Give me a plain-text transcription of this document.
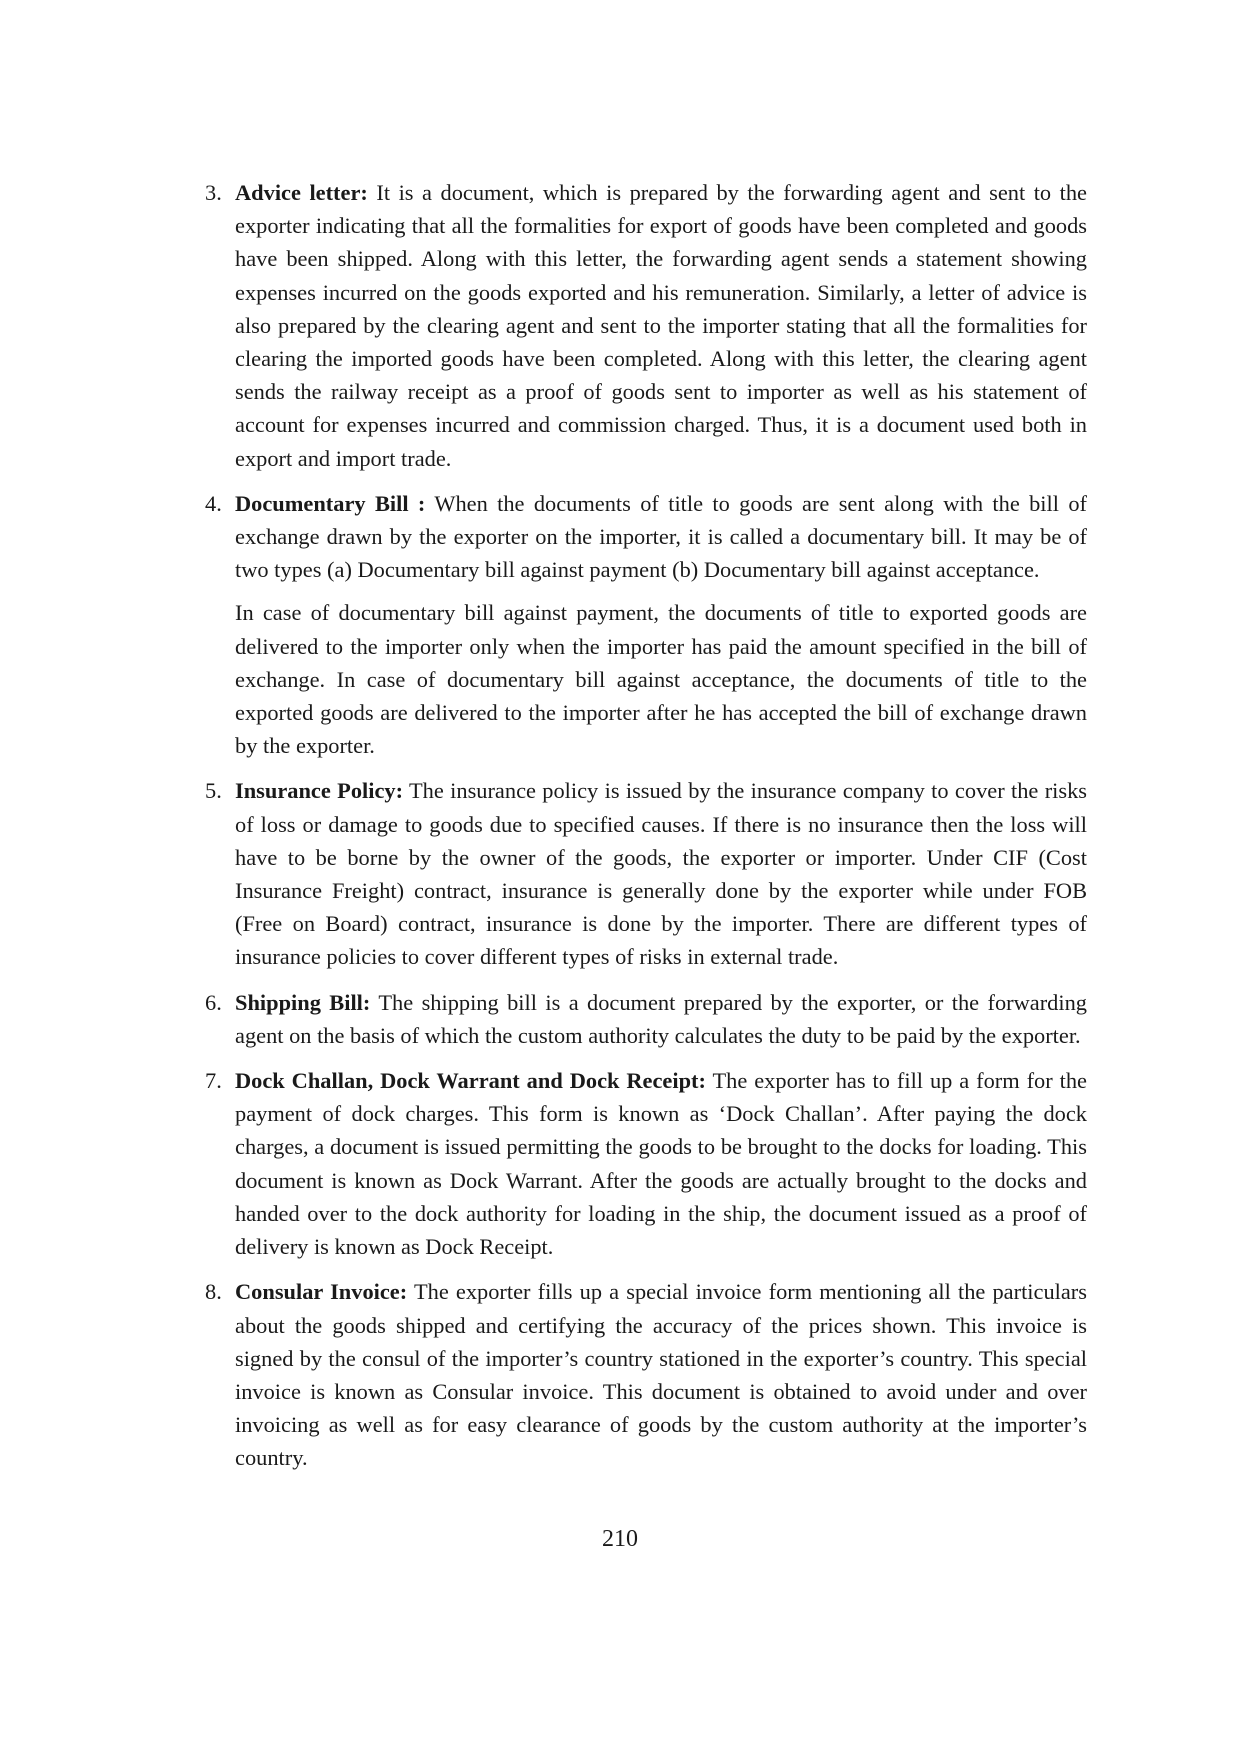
3. Advice letter: It is a document, which is prepared by the forwarding agent and sent to the exporter indicating that all the formalities for export of goods have been completed and goods have been shipped. Along with this letter, the forwarding agent sends a statement showing expenses incurred on the goods exported and his remuneration. Similarly, a letter of advice is also prepared by the clearing agent and sent to the importer stating that all the formalities for clearing the imported goods have been completed. Along with this letter, the clearing agent sends the railway receipt as a proof of goods sent to importer as well as his statement of account for expenses incurred and commission charged. Thus, it is a document used both in export and import trade.

4. Documentary Bill : When the documents of title to goods are sent along with the bill of exchange drawn by the exporter on the importer, it is called a documentary bill. It may be of two types (a) Documentary bill against payment (b) Documentary bill against acceptance.

In case of documentary bill against payment, the documents of title to exported goods are delivered to the importer only when the importer has paid the amount specified in the bill of exchange. In case of documentary bill against acceptance, the documents of title to the exported goods are delivered to the importer after he has accepted the bill of exchange drawn by the exporter.

5. Insurance Policy: The insurance policy is issued by the insurance company to cover the risks of loss or damage to goods due to specified causes. If there is no insurance then the loss will have to be borne by the owner of the goods, the exporter or importer. Under CIF (Cost Insurance Freight) contract, insurance is generally done by the exporter while under FOB (Free on Board) contract, insurance is done by the importer. There are different types of insurance policies to cover different types of risks in external trade.

6. Shipping Bill: The shipping bill is a document prepared by the exporter, or the forwarding agent on the basis of which the custom authority calculates the duty to be paid by the exporter.

7. Dock Challan, Dock Warrant and Dock Receipt: The exporter has to fill up a form for the payment of dock charges. This form is known as ‘Dock Challan’. After paying the dock charges, a document is issued permitting the goods to be brought to the docks for loading. This document is known as Dock Warrant. After the goods are actually brought to the docks and handed over to the dock authority for loading in the ship, the document issued as a proof of delivery is known as Dock Receipt.

8. Consular Invoice: The exporter fills up a special invoice form mentioning all the particulars about the goods shipped and certifying the accuracy of the prices shown. This invoice is signed by the consul of the importer’s country stationed in the exporter’s country. This special invoice is known as Consular invoice. This document is obtained to avoid under and over invoicing as well as for easy clearance of goods by the custom authority at the importer’s country.

210
